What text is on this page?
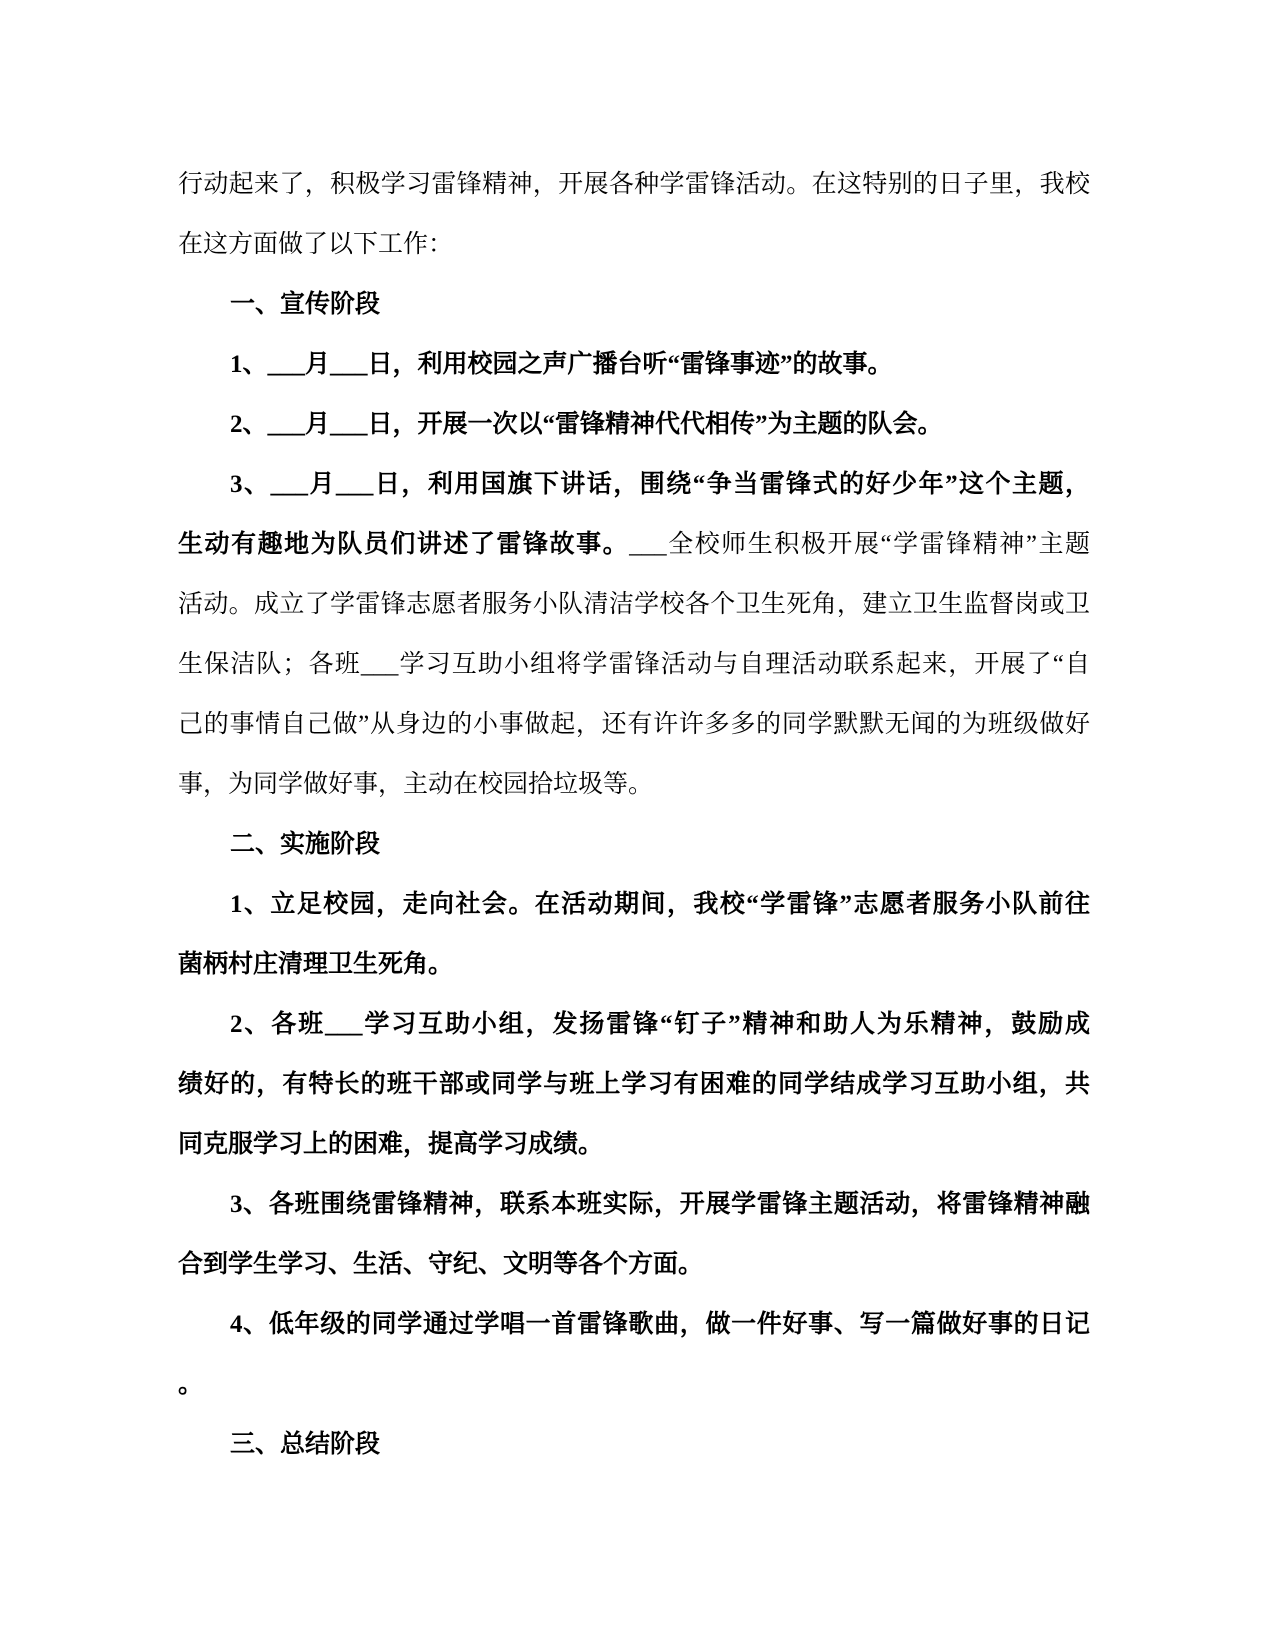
行动起来了，积极学习雷锋精神，开展各种学雷锋活动。在这特别的日子里，我校
在这方面做了以下工作：
一、宣传阶段
1、___月___日，利用校园之声广播台听“雷锋事迹”的故事。
2、___月___日，开展一次以“雷锋精神代代相传”为主题的队会。
3、___月___日，利用国旗下讲话，围绕“争当雷锋式的好少年”这个主题，
生动有趣地为队员们讲述了雷锋故事。___全校师生积极开展“学雷锋精神”主题
活动。成立了学雷锋志愿者服务小队清洁学校各个卫生死角，建立卫生监督岗或卫
生保洁队；各班___学习互助小组将学雷锋活动与自理活动联系起来，开展了“自
己的事情自己做”从身边的小事做起，还有许许多多的同学默默无闻的为班级做好
事，为同学做好事，主动在校园拾垃圾等。
二、实施阶段
1、立足校园，走向社会。在活动期间，我校“学雷锋”志愿者服务小队前往
菌柄村庄清理卫生死角。
2、各班___学习互助小组，发扬雷锋“钉子”精神和助人为乐精神，鼓励成
绩好的，有特长的班干部或同学与班上学习有困难的同学结成学习互助小组，共
同克服学习上的困难，提高学习成绩。
3、各班围绕雷锋精神，联系本班实际，开展学雷锋主题活动，将雷锋精神融
合到学生学习、生活、守纪、文明等各个方面。
4、低年级的同学通过学唱一首雷锋歌曲，做一件好事、写一篇做好事的日记
。
三、总结阶段
